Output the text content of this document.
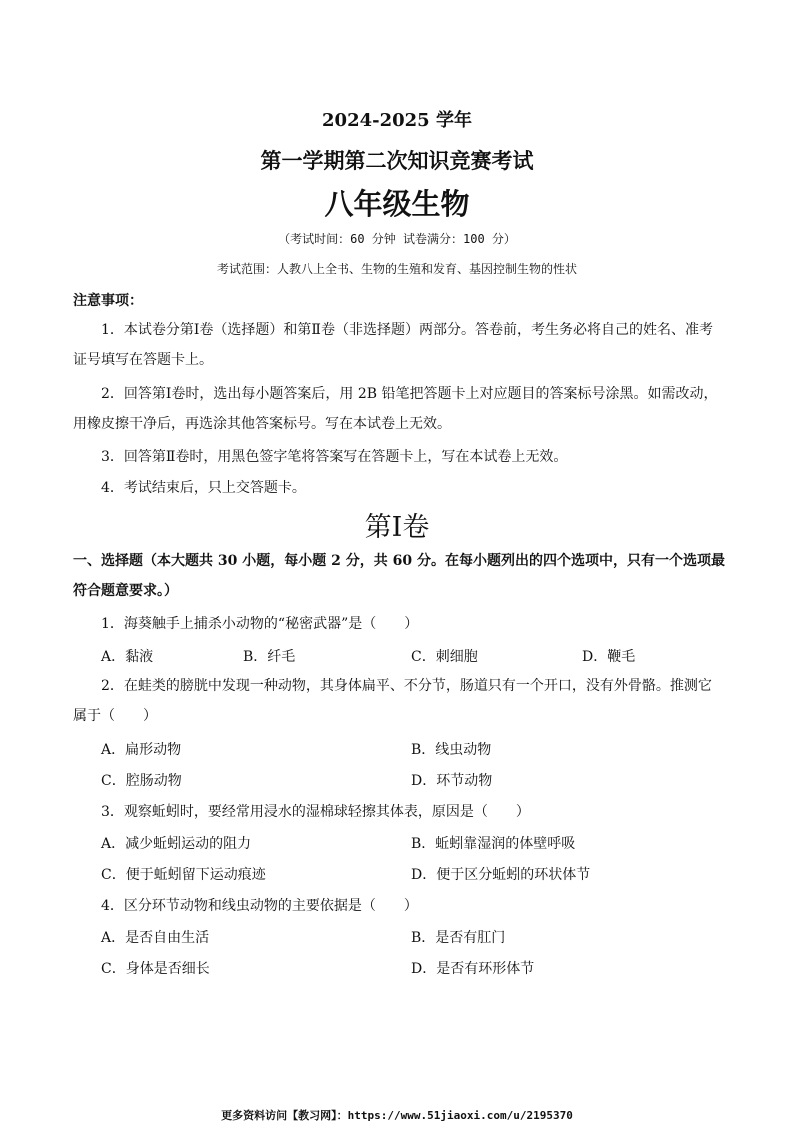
2024-2025 学年
第一学期第二次知识竞赛考试
八年级生物
（考试时间：60 分钟 试卷满分：100 分）
考试范围：人教八上全书、生物的生殖和发育、基因控制生物的性状
注意事项：
1．本试卷分第Ⅰ卷（选择题）和第Ⅱ卷（非选择题）两部分。答卷前，考生务必将自己的姓名、准考证号填写在答题卡上。
2．回答第Ⅰ卷时，选出每小题答案后，用 2B 铅笔把答题卡上对应题目的答案标号涂黑。如需改动，用橡皮擦干净后，再选涂其他答案标号。写在本试卷上无效。
3．回答第Ⅱ卷时，用黑色签字笔将答案写在答题卡上，写在本试卷上无效。
4．考试结束后，只上交答题卡。
第Ⅰ卷
一、选择题（本大题共 30 小题，每小题 2 分，共 60 分。在每小题列出的四个选项中，只有一个选项最符合题意要求。）
1．海葵触手上捕杀小动物的“秘密武器”是（　　）
A．黏液	B．纤毛	C．刺细胞	D．鞭毛
2．在蛙类的膀胱中发现一种动物，其身体扁平、不分节，肠道只有一个开口，没有外骨骼。推测它属于（　　）
A．扁形动物	B．线虫动物
C．腔肠动物	D．环节动物
3．观察蚯蚓时，要经常用浸水的湿棉球轻擦其体表，原因是（　　）
A．减少蚯蚓运动的阻力	B．蚯蚓靠湿润的体壁呼吸
C．便于蚯蚓留下运动痕迹	D．便于区分蚯蚓的环状体节
4．区分环节动物和线虫动物的主要依据是（　　）
A．是否自由生活	B．是否有肛门
C．身体是否细长	D．是否有环形体节
更多资料访问【教习网】：https://www.51jiaoxi.com/u/2195370
